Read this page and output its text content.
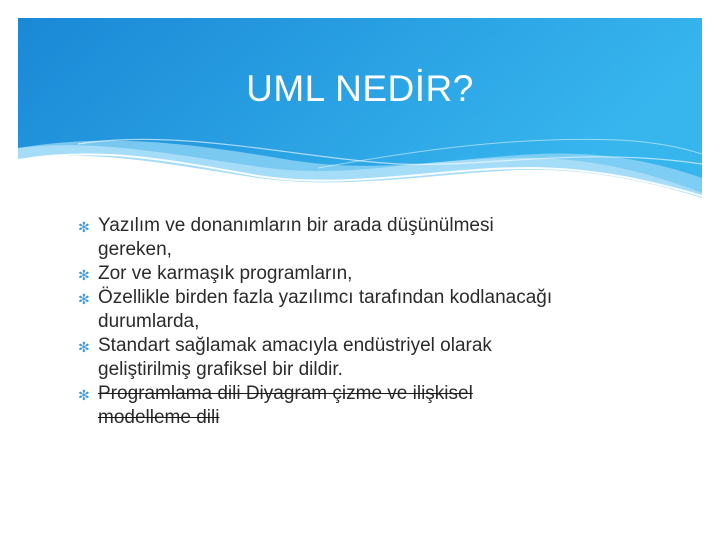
UML NEDİR?
✻ Yazılım ve donanımların bir arada düşünülmesi
gereken,
✻ Zor ve karmaşık programların,
✻ Özellikle birden fazla yazılımcı tarafından kodlanacağı
durumlarda,
✻ Standart sağlamak amacıyla endüstriyel olarak
geliştirilmiş grafiksel bir dildir.
✻ Programlama dili Diyagram çizme ve ilişkisel
modelleme dili
